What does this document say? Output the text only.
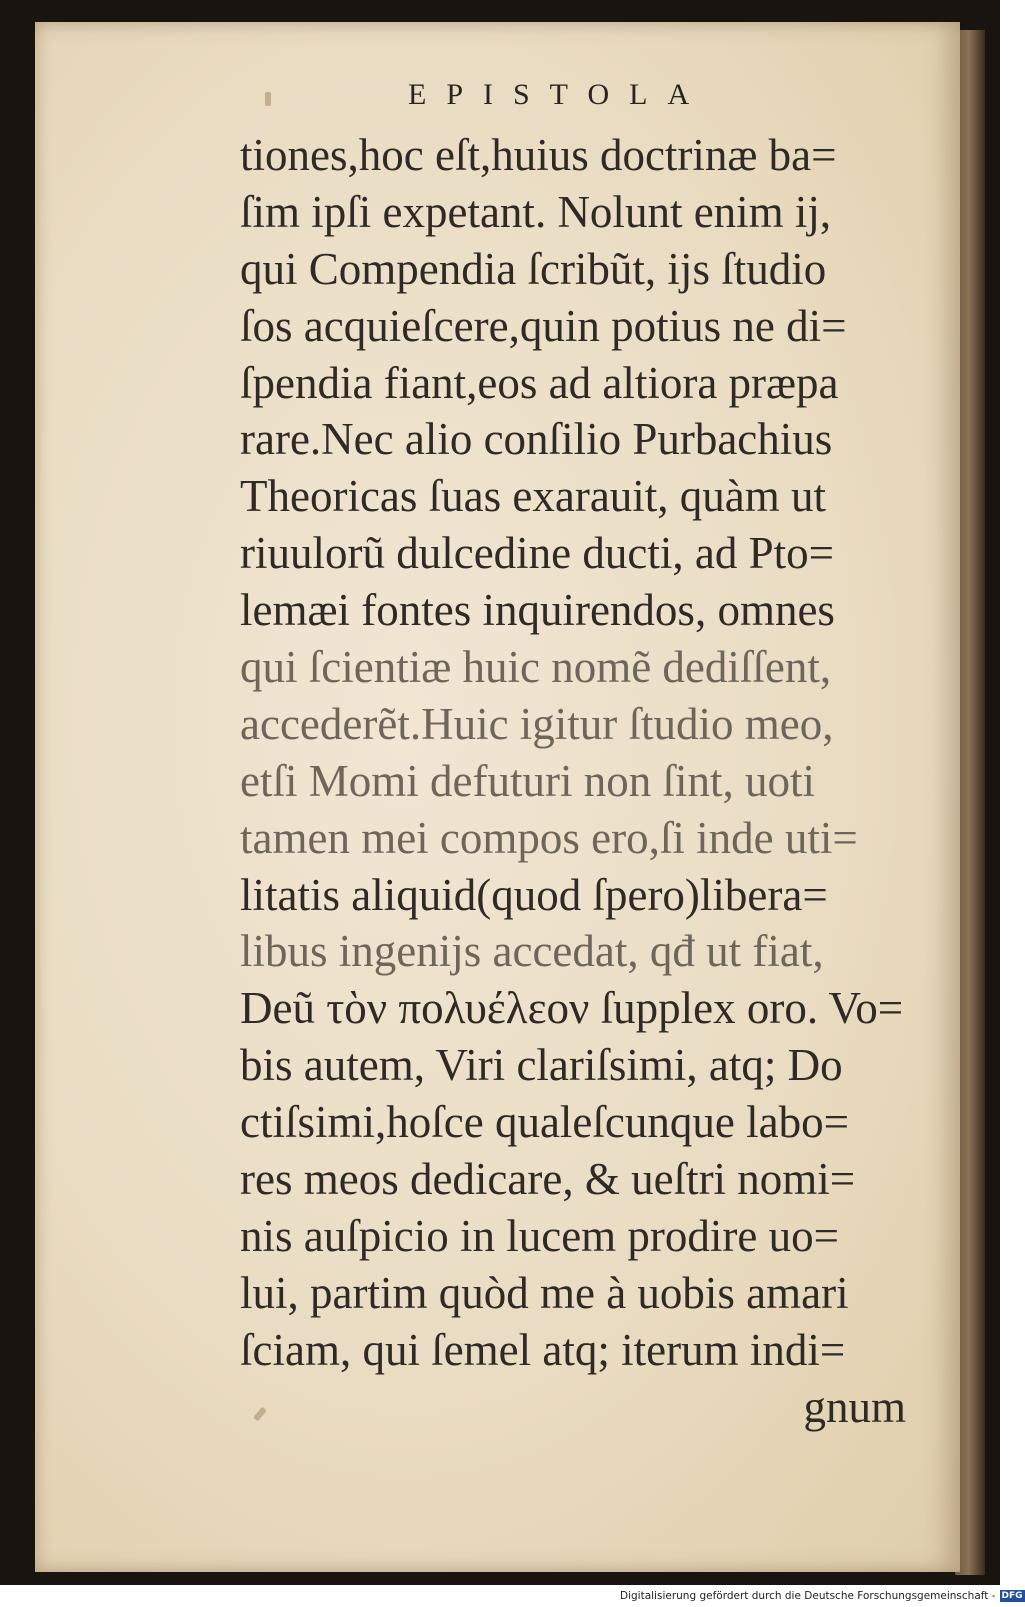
EPISTOLA
tiones,hoc eſt,huius doctrinæ ba=
ſim ipſi expetant. Nolunt enim ij,
qui Compendia ſcribũt, ijs ſtudio
ſos acquieſcere,quin potius ne di=
ſpendia fiant,eos ad altiora præpa
rare.Nec alio conſilio Purbachius
Theoricas ſuas exarauit, quàm ut
riuulorũ dulcedine ducti, ad Pto=
lemæi fontes inquirendos, omnes
qui ſcientiæ huic nomẽ dediſſent,
accederẽt.Huic igitur ſtudio meo,
etſi Momi defuturi non ſint, uoti
tamen mei compos ero,ſi inde uti=
litatis aliquid(quod ſpero)libera=
libus ingenijs accedat, qđ ut fiat,
Deũ τὸν πολυέλεον ſupplex oro. Vo=
bis autem, Viri clariſsimi, atq; Do
ctiſsimi,hoſce qualeſcunque labo=
res meos dedicare, & ueſtri nomi=
nis auſpicio in lucem prodire uo=
lui, partim quòd me à uobis amari
ſciam, qui ſemel atq; iterum indi=
gnum
Digitalisierung gefördert durch die Deutsche Forschungsgemeinschaft - DFG
